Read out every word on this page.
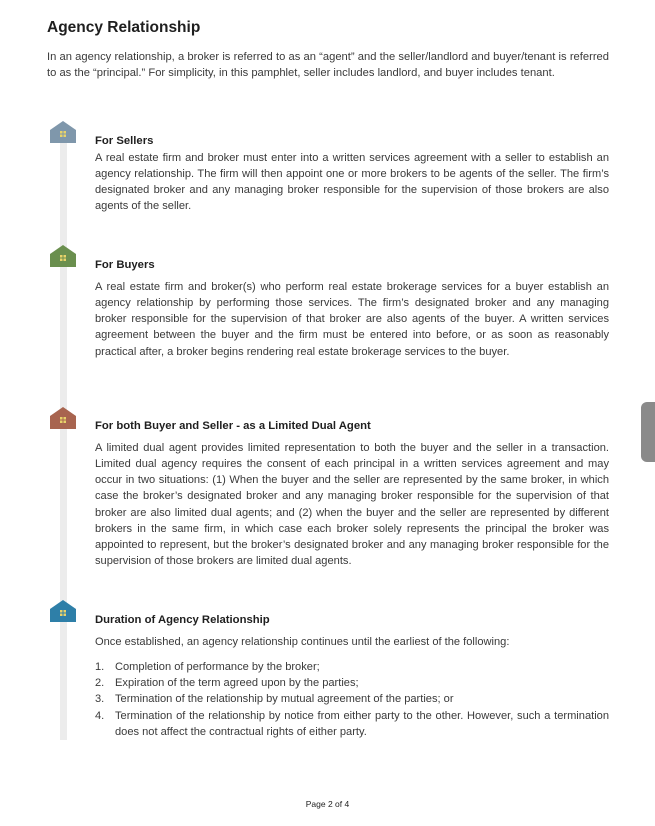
Agency Relationship
In an agency relationship, a broker is referred to as an “agent” and the seller/landlord and buyer/tenant is referred to as the “principal.” For simplicity, in this pamphlet, seller includes landlord, and buyer includes tenant.
For Sellers
A real estate firm and broker must enter into a written services agreement with a seller to establish an agency relationship. The firm will then appoint one or more brokers to be agents of the seller. The firm’s designated broker and any managing broker responsible for the supervision of those brokers are also agents of the seller.
For Buyers
A real estate firm and broker(s) who perform real estate brokerage services for a buyer establish an agency relationship by performing those services. The firm’s designated broker and any managing broker responsible for the supervision of that broker are also agents of the buyer. A written services agreement between the buyer and the firm must be entered into before, or as soon as reasonably practical after, a broker begins rendering real estate brokerage services to the buyer.
For both Buyer and Seller - as a Limited Dual Agent
A limited dual agent provides limited representation to both the buyer and the seller in a transaction. Limited dual agency requires the consent of each principal in a written services agreement and may occur in two situations: (1) When the buyer and the seller are represented by the same broker, in which case the broker’s designated broker and any managing broker responsible for the supervision of that broker are also limited dual agents; and (2) when the buyer and the seller are represented by different brokers in the same firm, in which case each broker solely represents the principal the broker was appointed to represent, but the broker’s designated broker and any managing broker responsible for the supervision of those brokers are limited dual agents.
Duration of Agency Relationship
Once established, an agency relationship continues until the earliest of the following:
1. Completion of performance by the broker;
2. Expiration of the term agreed upon by the parties;
3. Termination of the relationship by mutual agreement of the parties; or
4. Termination of the relationship by notice from either party to the other. However, such a termination does not affect the contractual rights of either party.
Page 2 of 4
